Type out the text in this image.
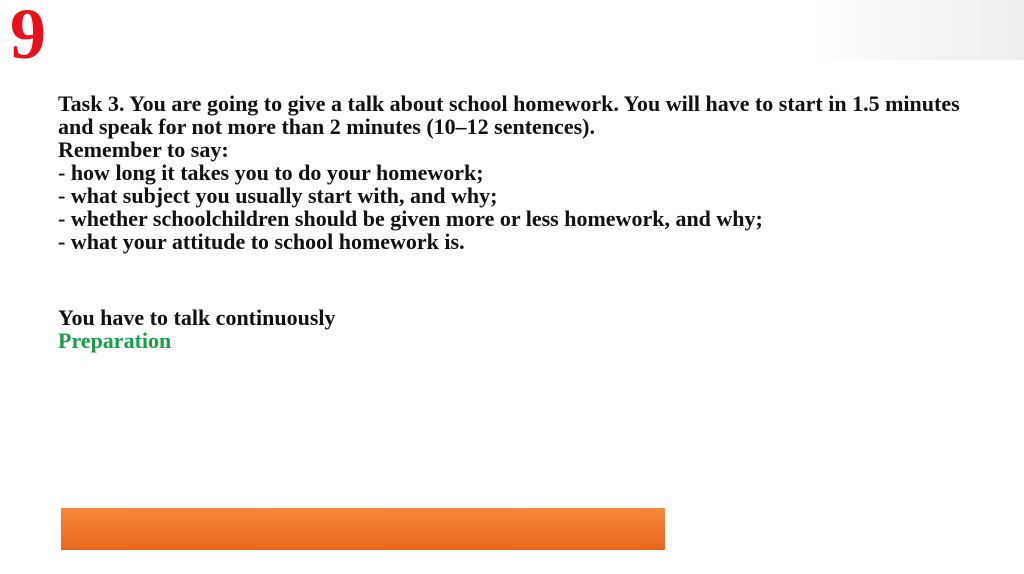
9

Task 3. You are going to give a talk about school homework. You will have to start in 1.5 minutes and speak for not more than 2 minutes (10–12 sentences).

Remember to say:

- how long it takes you to do your homework;

- what subject you usually start with, and why;

- whether schoolchildren should be given more or less homework, and why;

- what your attitude to school homework is.

You have to talk continuously

Preparation
